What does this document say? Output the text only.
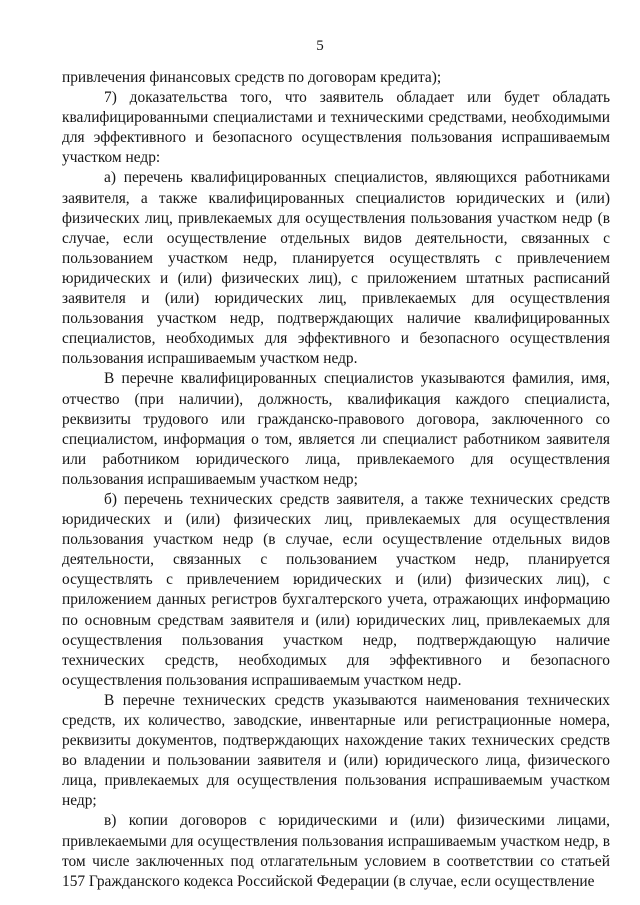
5

привлечения финансовых средств по договорам кредита);

7) доказательства того, что заявитель обладает или будет обладать квалифицированными специалистами и техническими средствами, необходимыми для эффективного и безопасного осуществления пользования испрашиваемым участком недр:

а) перечень квалифицированных специалистов, являющихся работниками заявителя, а также квалифицированных специалистов юридических и (или) физических лиц, привлекаемых для осуществления пользования участком недр (в случае, если осуществление отдельных видов деятельности, связанных с пользованием участком недр, планируется осуществлять с привлечением юридических и (или) физических лиц), с приложением штатных расписаний заявителя и (или) юридических лиц, привлекаемых для осуществления пользования участком недр, подтверждающих наличие квалифицированных специалистов, необходимых для эффективного и безопасного осуществления пользования испрашиваемым участком недр.

В перечне квалифицированных специалистов указываются фамилия, имя, отчество (при наличии), должность, квалификация каждого специалиста, реквизиты трудового или гражданско-правового договора, заключенного со специалистом, информация о том, является ли специалист работником заявителя или работником юридического лица, привлекаемого для осуществления пользования испрашиваемым участком недр;

б) перечень технических средств заявителя, а также технических средств юридических и (или) физических лиц, привлекаемых для осуществления пользования участком недр (в случае, если осуществление отдельных видов деятельности, связанных с пользованием участком недр, планируется осуществлять с привлечением юридических и (или) физических лиц), с приложением данных регистров бухгалтерского учета, отражающих информацию по основным средствам заявителя и (или) юридических лиц, привлекаемых для осуществления пользования участком недр, подтверждающую наличие технических средств, необходимых для эффективного и безопасного осуществления пользования испрашиваемым участком недр.

В перечне технических средств указываются наименования технических средств, их количество, заводские, инвентарные или регистрационные номера, реквизиты документов, подтверждающих нахождение таких технических средств во владении и пользовании заявителя и (или) юридического лица, физического лица, привлекаемых для осуществления пользования испрашиваемым участком недр;

в) копии договоров с юридическими и (или) физическими лицами, привлекаемыми для осуществления пользования испрашиваемым участком недр, в том числе заключенных под отлагательным условием в соответствии со статьей 157 Гражданского кодекса Российской Федерации (в случае, если осуществление
